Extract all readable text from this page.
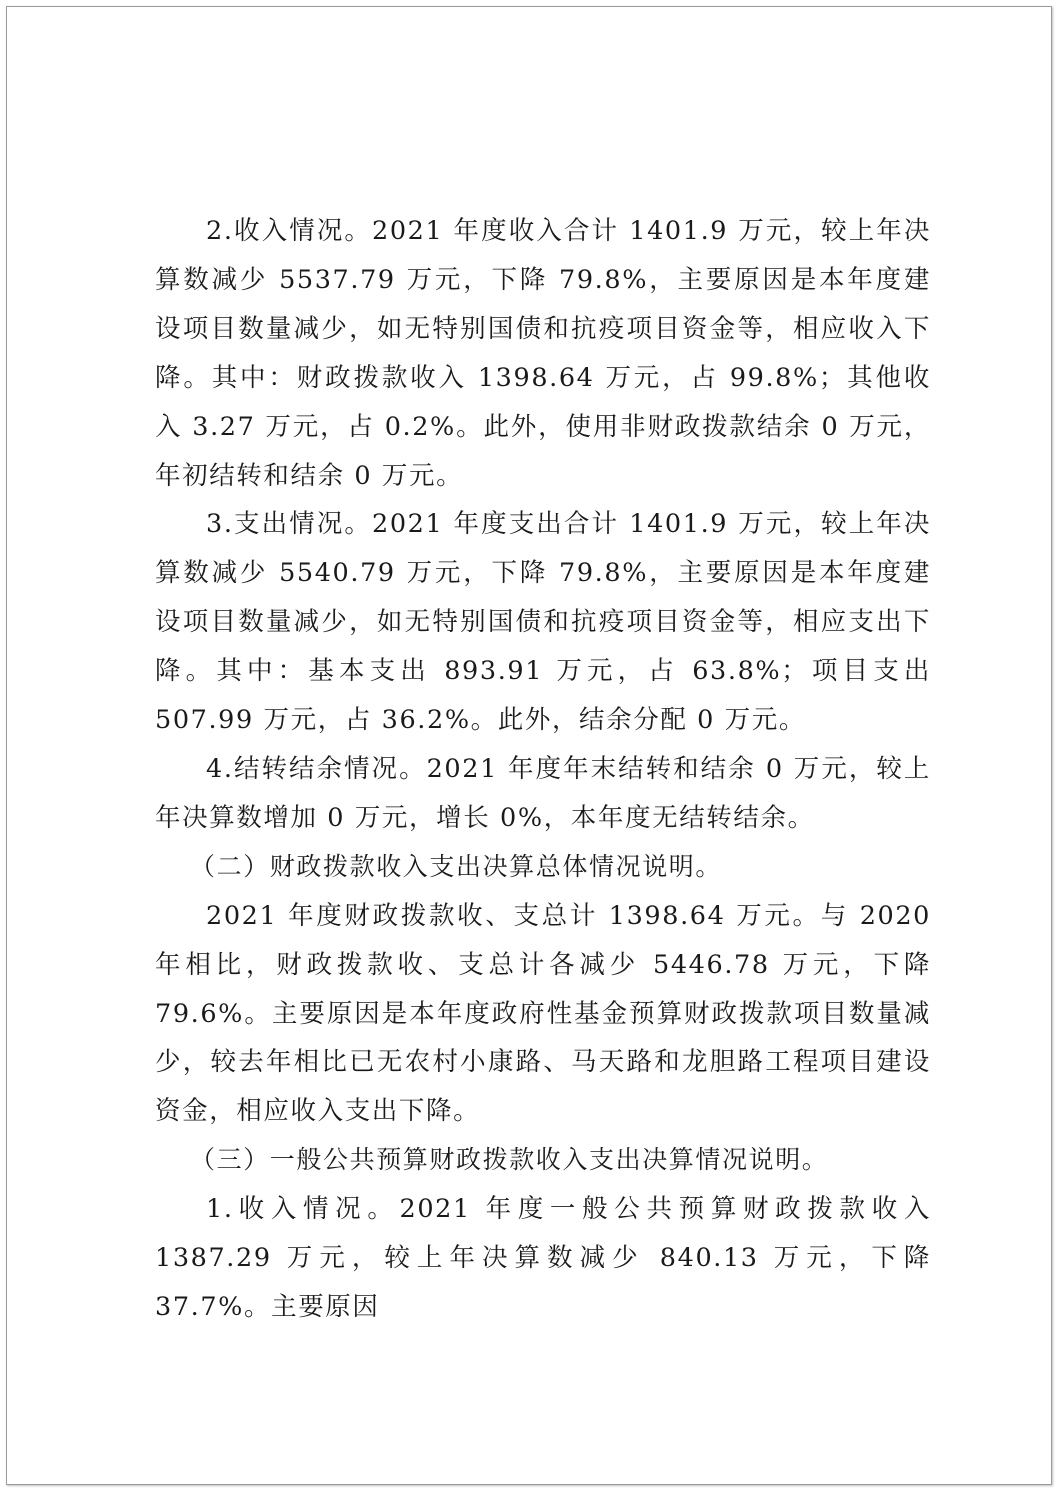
2.收入情况。2021 年度收入合计 1401.9 万元，较上年决算数减少 5537.79 万元，下降 79.8%，主要原因是本年度建设项目数量减少，如无特别国债和抗疫项目资金等，相应收入下降。其中：财政拨款收入 1398.64 万元，占 99.8%；其他收入 3.27 万元，占 0.2%。此外，使用非财政拨款结余 0 万元，年初结转和结余 0 万元。

3.支出情况。2021 年度支出合计 1401.9 万元，较上年决算数减少 5540.79 万元，下降 79.8%，主要原因是本年度建设项目数量减少，如无特别国债和抗疫项目资金等，相应支出下降。其中：基本支出 893.91 万元，占 63.8%；项目支出 507.99 万元，占 36.2%。此外，结余分配 0 万元。

4.结转结余情况。2021 年度年末结转和结余 0 万元，较上年决算数增加 0 万元，增长 0%，本年度无结转结余。

（二）财政拨款收入支出决算总体情况说明。

2021 年度财政拨款收、支总计 1398.64 万元。与 2020 年相比，财政拨款收、支总计各减少 5446.78 万元，下降 79.6%。主要原因是本年度政府性基金预算财政拨款项目数量减少，较去年相比已无农村小康路、马天路和龙胆路工程项目建设资金，相应收入支出下降。

（三）一般公共预算财政拨款收入支出决算情况说明。

1.收入情况。2021 年度一般公共预算财政拨款收入 1387.29 万元，较上年决算数减少 840.13 万元，下降 37.7%。主要原因
